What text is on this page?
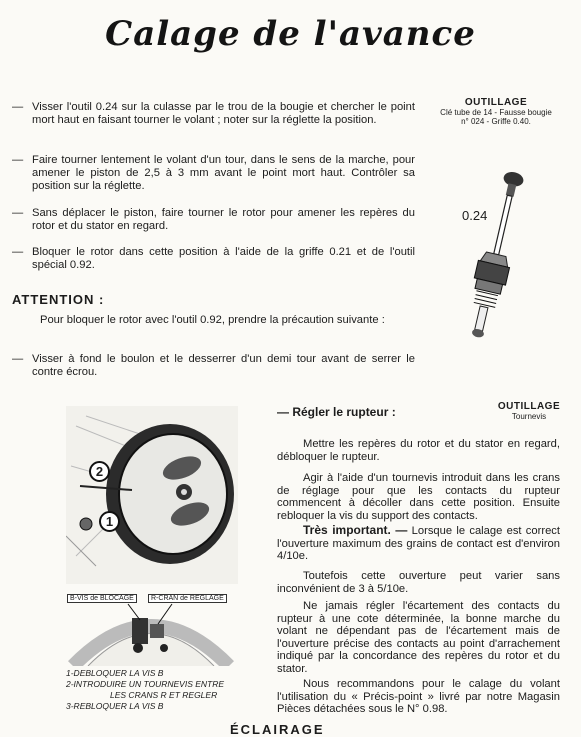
Calage de l'avance
OUTILLAGE
Clé tube de 14 - Fausse bougie
n° 024 - Griffe 0.40.
— Visser l'outil 0.24 sur la culasse par le trou de la bougie et chercher le point mort haut en faisant tourner le volant ; noter sur la réglette la position.
— Faire tourner lentement le volant d'un tour, dans le sens de la marche, pour amener le piston de 2,5 à 3 mm avant le point mort haut. Contrôler sa position sur la réglette.
— Sans déplacer le piston, faire tourner le rotor pour amener les repères du rotor et du stator en regard.
— Bloquer le rotor dans cette position à l'aide de la griffe 0.21 et de l'outil spécial 0.92.
0.24
ATTENTION :
Pour bloquer le rotor avec l'outil 0.92, prendre la précaution suivante :
— Visser à fond le boulon et le desserrer d'un demi tour avant de serrer le contre écrou.
— Régler le rupteur :	OUTILLAGE
Tournevis
Mettre les repères du rotor et du stator en regard, débloquer le rupteur.
Agir à l'aide d'un tournevis introduit dans les crans de réglage pour que les contacts du rupteur commencent à décoller dans cette position. Ensuite rebloquer la vis du support des contacts.
Très important. — Lorsque le calage est correct l'ouverture maximum des grains de contact est d'environ 4/10e.
Toutefois cette ouverture peut varier sans inconvénient de 3 à 5/10e.
Ne jamais régler l'écartement des contacts du rupteur à une cote déterminée, la bonne marche du volant ne dépendant pas de l'écartement mais de l'ouverture précise des contacts au point d'arrachement indiqué par la concordance des repères du rotor et du stator.
Nous recommandons pour le calage du volant l'utilisation du « Précis-point » livré par notre Magasin Pièces détachées sous le N° 0.98.
2
1
B-VIS de BLOCAGE	R-CRAN de REGLAGE
1-DEBLOQUER LA VIS B
2-INTRODUIRE UN TOURNEVIS ENTRE
LES CRANS R ET REGLER
3-REBLOQUER LA VIS B
ÉCLAIRAGE
